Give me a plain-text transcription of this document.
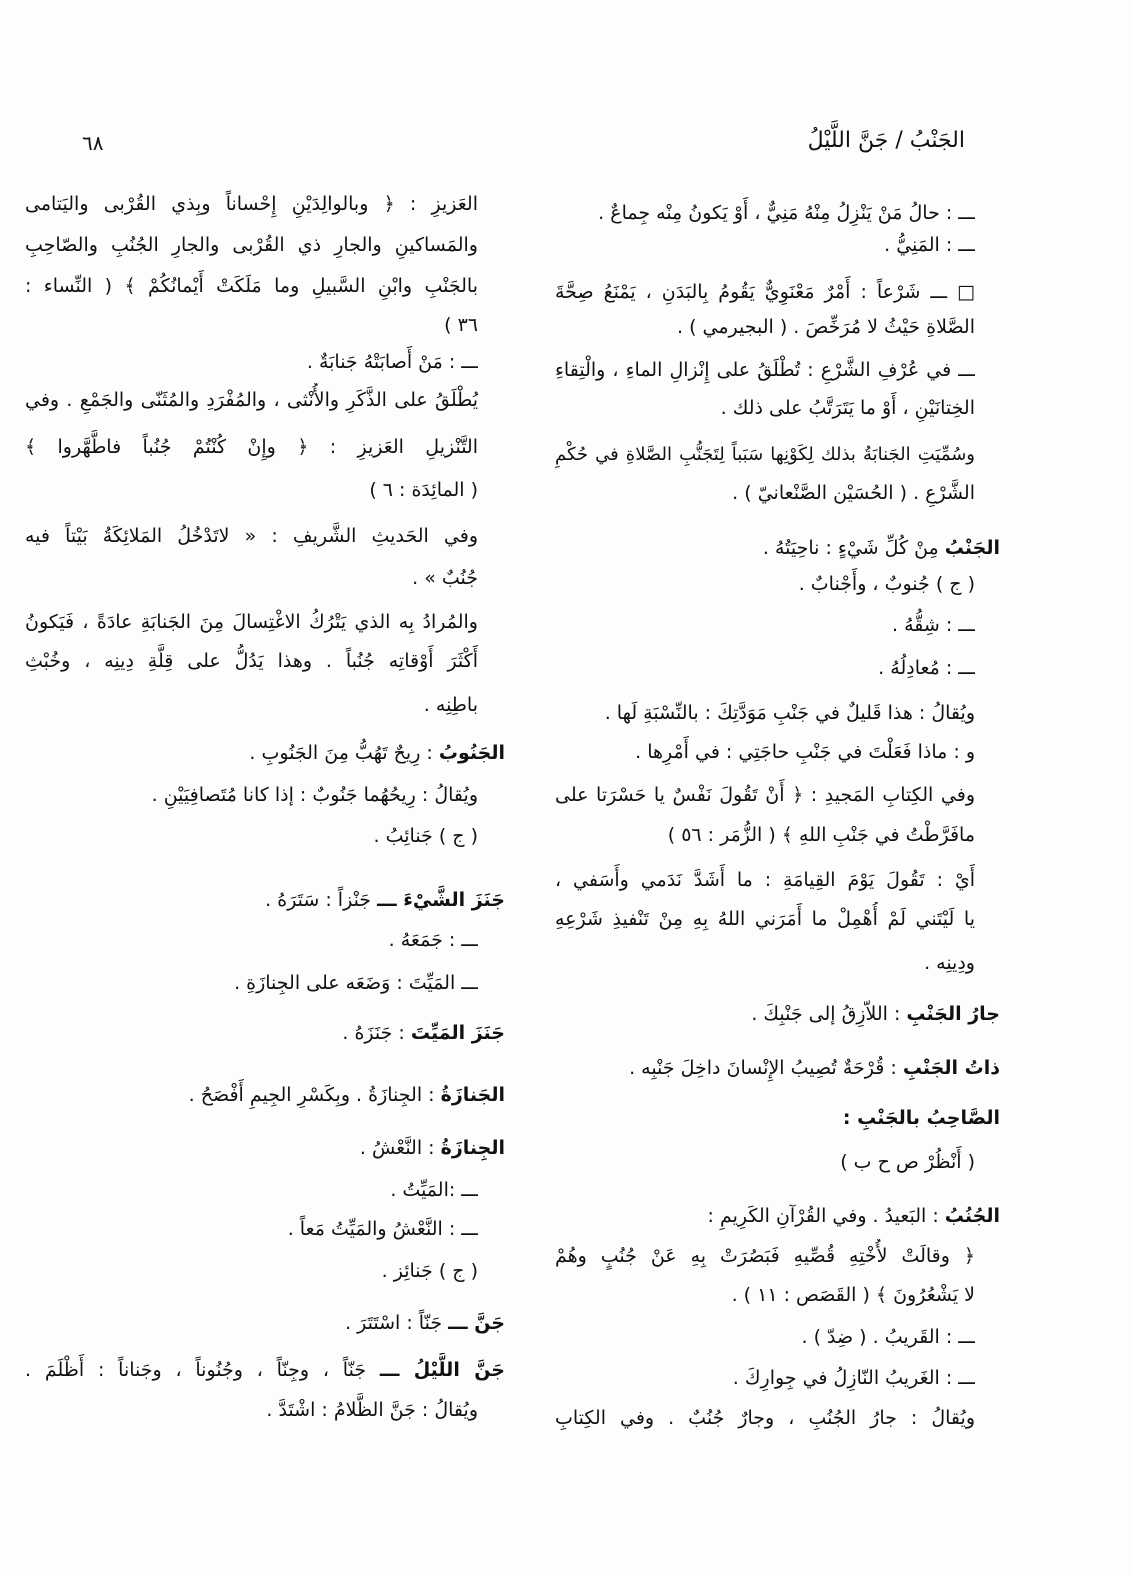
الجَنْبُ / جَنَّ اللَّيْلُ
٦٨
ـــ : حالُ مَنْ يَنْزِلُ مِنْهُ مَنِيٌّ ، أَوْ يَكونُ مِنْه جِماعٌ .
ـــ : المَنِيُّ .
□ ـــ شَرْعاً : أَمْرٌ مَعْنَوِيٌّ يَقُومُ بِالبَدَنِ ، يَمْنَعُ صِحَّةَ
الصَّلاةِ حَيْثُ لا مُرَخِّصَ . ( البجيرمي ) .
ـــ في عُرْفِ الشَّرْعِ : تُطْلَقُ على إِنْزالِ الماءِ ، والْتِقاءِ
الخِتانَيْنِ ، أَوْ ما يَتَرَتَّبُ على ذلك .
وسُمِّيَتِ الجَنابَةُ بذلك لِكَوْنِها سَبَباً لِتَجَنُّبِ الصَّلاةِ في حُكْمِ
الشَّرْعِ . ( الحُسَيْن الصَّنْعانيّ ) .
الجَنْبُ مِنْ كُلِّ شَيْءٍ : ناحِيَتُهُ .
( ج ) جُنوبٌ ، وأَجْنابٌ .
ـــ : شِقُّهُ .
ـــ : مُعادِلُهُ .
ويُقالُ : هذا قَليلٌ في جَنْبِ مَوَدَّتِكَ : بالنِّسْبَةِ لَها .
و : ماذا فَعَلْتَ في جَنْبِ حاجَتِي : في أَمْرِها .
وفي الكِتابِ المَجيدِ : ﴿ أَنْ تَقُولَ نَفْسٌ يا حَسْرَتا على
مافَرَّطْتُ في جَنْبِ اللهِ ﴾ ( الزُّمَر : ٥٦ )
أَيْ : تَقُولَ يَوْمَ القِيامَةِ : ما أَشَدَّ نَدَمي وأَسَفي ،
يا لَيْتَني لَمْ أُهْمِلْ ما أَمَرَني اللهُ بِهِ مِنْ تَنْفيذِ شَرْعِهِ
ودِينِه .
جارُ الجَنْبِ : اللاّزِقُ إلى جَنْبِكَ .
ذاتُ الجَنْبِ : قُرْحَةٌ تُصِيبُ الإِنْسانَ داخِلَ جَنْبِه .
الصَّاحِبُ بالجَنْبِ :
( أَنْظُرْ ص ح ب )
الجُنُبُ : البَعيدُ . وفي القُرْآنِ الكَرِيمِ :
﴿ وقالَتْ لأُخْتِهِ قُصِّيهِ فَبَصُرَتْ بِهِ عَنْ جُنُبٍ وهُمْ
لا يَشْعُرُونَ ﴾ ( القَصَص : ١١ ) .
ـــ : القَريبُ . ( ضِدّ ) .
ـــ : الغَريبُ النّازِلُ في جِوارِكَ .
ويُقالُ : جارُ الجُنُبِ ، وجارٌ جُنُبٌ . وفي الكِتابِ
العَزيزِ : ﴿ وبالوالِدَيْنِ إِحْساناً وبِذي القُرْبى واليَتامى
والمَساكينِ والجارِ ذي القُرْبى والجارِ الجُنُبِ والصّاحِبِ
بالجَنْبِ وابْنِ السَّبيلِ وما مَلَكَتْ أَيْمانُكُمْ ﴾ ( النِّساء :
٣٦ )
ـــ : مَنْ أَصابَتْهُ جَنابَةٌ .
يُطْلَقُ على الذَّكَرِ والأُنْثى ، والمُفْرَدِ والمُثَنّى والجَمْعِ . وفي
التَّنْزيلِ العَزيزِ : ﴿ وإِنْ كُنْتُمْ جُنُباً فاطَّهَّروا ﴾
( المائِدَة : ٦ )
وفي الحَديثِ الشَّريفِ : « لاتَدْخُلُ المَلائِكَةُ بَيْتاً فيه
جُنُبٌ » .
والمُرادُ بِه الذي يَتْرُكُ الاغْتِسالَ مِنَ الجَنابَةِ عادَةً ، فَيَكونُ
أَكْثَرَ أَوْقاتِه جُنُباً . وهذا يَدُلُّ على قِلَّةِ دِينِه ، وخُبْثِ
باطِنِه .
الجَنُوبُ : رِيحٌ تَهُبُّ مِنَ الجَنُوبِ .
ويُقالُ : رِيحُهُما جَنُوبٌ : إذا كانا مُتَصافِيَيْنِ .
( ج ) جَنائِبُ .
جَنَزَ الشَّيْءَ ـــ جَنْزاً : سَتَرَهُ .
ـــ : جَمَعَهُ .
ـــ المَيِّتَ : وَضَعَه على الجِنازَةِ .
جَنَزَ المَيِّتَ : جَنَزَهُ .
الجَنازَةُ : الجِنازَةُ . وبِكَسْرِ الجِيمِ أَفْصَحُ .
الجِنازَةُ : النَّعْشُ .
ـــ :المَيِّتُ .
ـــ : النَّعْشُ والمَيِّتُ مَعاً .
( ج ) جَنائِز .
جَنَّ ـــ جَنّاً : اسْتَتَرَ .
جَنَّ اللَّيْلُ ـــ جَنّاً ، وجِنّاً ، وجُنُوناً ، وجَناناً : أَظْلَمَ .
ويُقالُ : جَنَّ الظَّلامُ : اشْتَدَّ .
